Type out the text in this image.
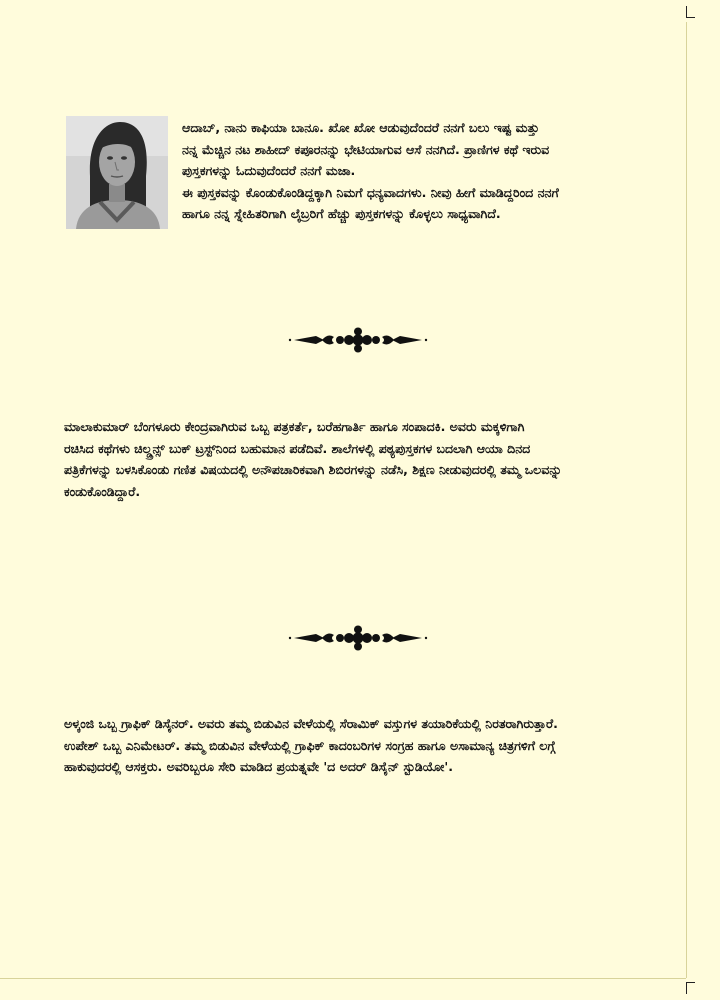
ಆದಾಬ್, ನಾನು ಕಾಫಿಯಾ ಬಾನೂ. ಖೋ ಖೋ ಆಡುವುದೆಂದರೆ ನನಗೆ ಬಲು ಇಷ್ಟ ಮತ್ತು
ನನ್ನ ಮೆಚ್ಚಿನ ನಟ ಶಾಹೀದ್ ಕಪೂರನನ್ನು ಭೇಟಿಯಾಗುವ ಆಸೆ ನನಗಿದೆ. ಪ್ರಾಣಿಗಳ ಕಥೆ ಇರುವ
ಪುಸ್ತಕಗಳನ್ನು ಓದುವುದೆಂದರೆ ನನಗೆ ಮಜಾ.
ಈ ಪುಸ್ತಕವನ್ನು ಕೊಂಡುಕೊಂಡಿದ್ದಕ್ಕಾಗಿ ನಿಮಗೆ ಧನ್ಯವಾದಗಳು. ನೀವು ಹೀಗೆ ಮಾಡಿದ್ದರಿಂದ ನನಗೆ
ಹಾಗೂ ನನ್ನ ಸ್ನೇಹಿತರಿಗಾಗಿ ಲೈಬ್ರರಿಗೆ ಹೆಚ್ಚು ಪುಸ್ತಕಗಳನ್ನು ಕೊಳ್ಳಲು ಸಾಧ್ಯವಾಗಿದೆ.
ಮಾಲಾಕುಮಾರ್ ಬೆಂಗಳೂರು ಕೇಂದ್ರವಾಗಿರುವ ಒಬ್ಬ ಪತ್ರಕರ್ತೆ, ಬರೆಹಗಾರ್ತಿ ಹಾಗೂ ಸಂಪಾದಕಿ. ಅವರು ಮಕ್ಕಳಿಗಾಗಿ
ರಚಿಸಿದ ಕಥೆಗಳು ಚಿಲ್ಡ್ರನ್ಸ್ ಬುಕ್ ಟ್ರಸ್ಟ್‌ನಿಂದ ಬಹುಮಾನ ಪಡೆದಿವೆ. ಶಾಲೆಗಳಲ್ಲಿ ಪಠ್ಯಪುಸ್ತಕಗಳ ಬದಲಾಗಿ ಆಯಾ ದಿನದ
ಪತ್ರಿಕೆಗಳನ್ನು ಬಳಸಿಕೊಂಡು ಗಣಿತ ವಿಷಯದಲ್ಲಿ ಅನೌಪಚಾರಿಕವಾಗಿ ಶಿಬಿರಗಳನ್ನು ನಡೆಸಿ, ಶಿಕ್ಷಣ ನೀಡುವುದರಲ್ಲಿ ತಮ್ಮ ಒಲವನ್ನು
ಕಂಡುಕೊಂಡಿದ್ದಾರೆ.
ಅಳ್ಕಂಜಿ ಒಬ್ಬ ಗ್ರಾಫಿಕ್ ಡಿಸೈನರ್. ಅವರು ತಮ್ಮ ಬಿಡುವಿನ ವೇಳೆಯಲ್ಲಿ ಸೆರಾಮಿಕ್ ವಸ್ತುಗಳ ತಯಾರಿಕೆಯಲ್ಲಿ ನಿರತರಾಗಿರುತ್ತಾರೆ.
ಉಪೇಶ್ ಒಬ್ಬ ಎನಿಮೇಟರ್. ತಮ್ಮ ಬಿಡುವಿನ ವೇಳೆಯಲ್ಲಿ ಗ್ರಾಫಿಕ್ ಕಾದಂಬರಿಗಳ ಸಂಗ್ರಹ ಹಾಗೂ ಅಸಾಮಾನ್ಯ ಚಿತ್ರಗಳಿಗೆ ಲಗ್ಗೆ
ಹಾಕುವುದರಲ್ಲಿ ಆಸಕ್ತರು. ಅವರಿಬ್ಬರೂ ಸೇರಿ ಮಾಡಿದ ಪ್ರಯತ್ನವೇ 'ದ ಅದರ್ ಡಿಸೈನ್ ಸ್ಟುಡಿಯೋ'.
